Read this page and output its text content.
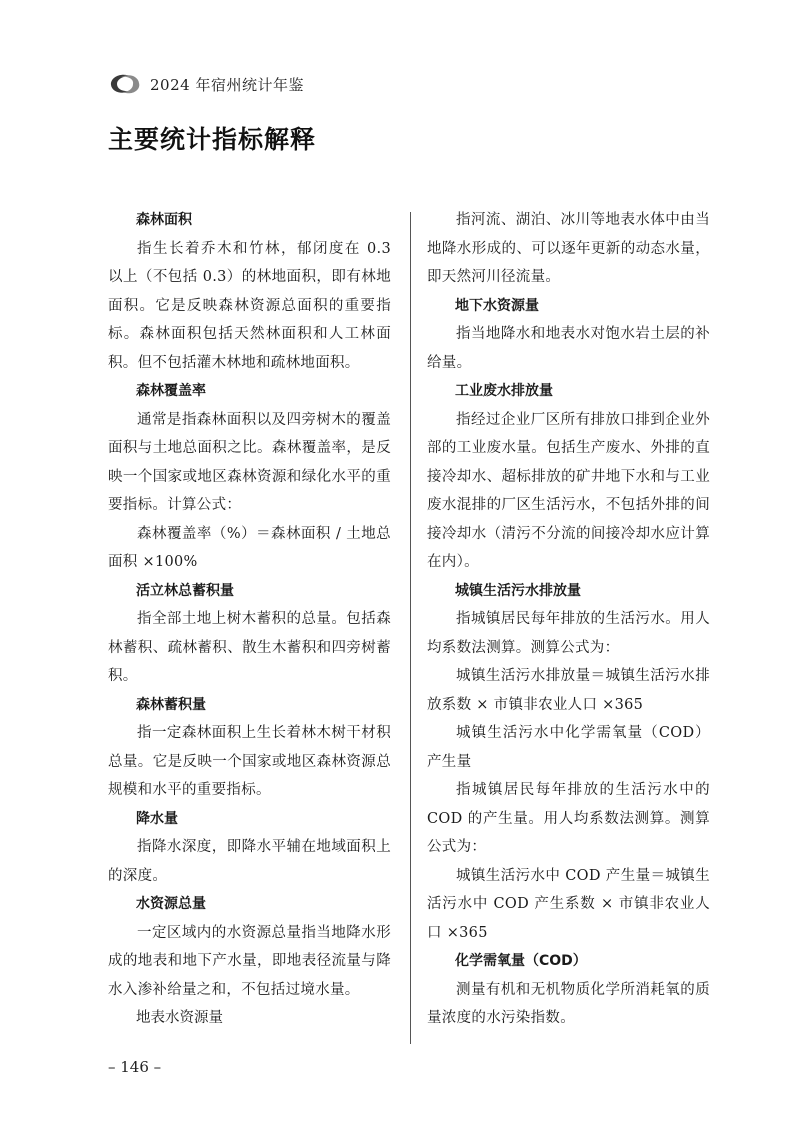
2024 年宿州统计年鉴
主要统计指标解释

森林面积

指生长着乔木和竹林，郁闭度在 0.3 以上（不包括 0.3）的林地面积，即有林地面积。它是反映森林资源总面积的重要指标。森林面积包括天然林面积和人工林面积。但不包括灌木林地和疏林地面积。

森林覆盖率

通常是指森林面积以及四旁树木的覆盖面积与土地总面积之比。森林覆盖率，是反映一个国家或地区森林资源和绿化水平的重要指标。计算公式：

森林覆盖率（%）＝森林面积 / 土地总面积 ×100%

活立林总蓄积量

指全部土地上树木蓄积的总量。包括森林蓄积、疏林蓄积、散生木蓄积和四旁树蓄积。

森林蓄积量

指一定森林面积上生长着林木树干材积总量。它是反映一个国家或地区森林资源总规模和水平的重要指标。

降水量

指降水深度，即降水平辅在地域面积上的深度。

水资源总量

一定区域内的水资源总量指当地降水形成的地表和地下产水量，即地表径流量与降水入渗补给量之和，不包括过境水量。

地表水资源量

指河流、湖泊、冰川等地表水体中由当地降水形成的、可以逐年更新的动态水量，即天然河川径流量。

地下水资源量

指当地降水和地表水对饱水岩土层的补给量。

工业废水排放量

指经过企业厂区所有排放口排到企业外部的工业废水量。包括生产废水、外排的直接冷却水、超标排放的矿井地下水和与工业废水混排的厂区生活污水，不包括外排的间接冷却水（清污不分流的间接冷却水应计算在内）。

城镇生活污水排放量

指城镇居民每年排放的生活污水。用人均系数法测算。测算公式为：

城镇生活污水排放量＝城镇生活污水排放系数 × 市镇非农业人口 ×365

城镇生活污水中化学需氧量（COD）产生量

指城镇居民每年排放的生活污水中的 COD 的产生量。用人均系数法测算。测算公式为：

城镇生活污水中 COD 产生量＝城镇生活污水中 COD 产生系数 × 市镇非农业人口 ×365

化学需氧量（COD）

测量有机和无机物质化学所消耗氧的质量浓度的水污染指数。

– 146 –
